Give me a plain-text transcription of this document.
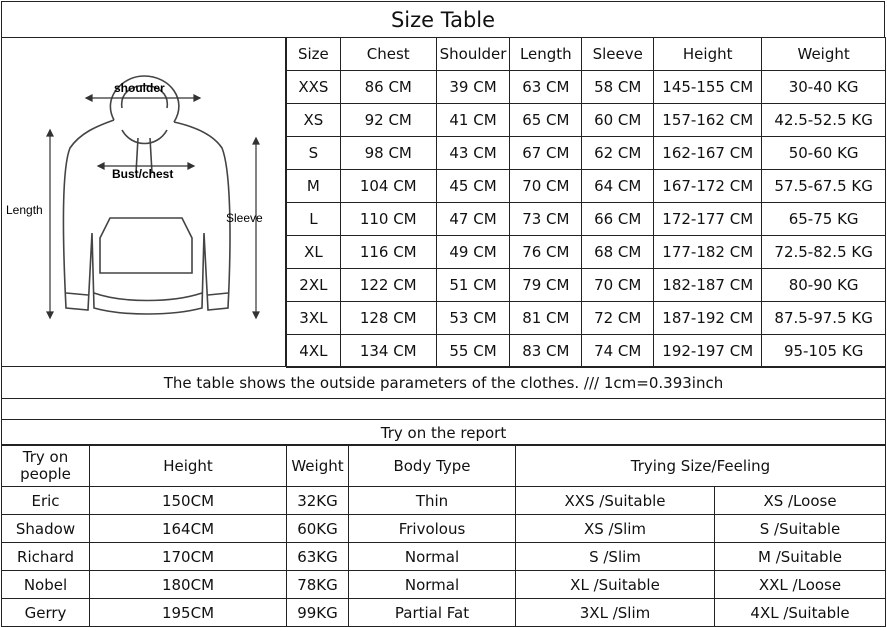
Size Table
shoulder
Bust/chest
Length
Sleeve
Size	Chest	Shoulder	Length	Sleeve	Height	Weight
XXS	86 CM	39 CM	63 CM	58 CM	145-155 CM	30-40 KG
XS	92 CM	41 CM	65 CM	60 CM	157-162 CM	42.5-52.5 KG
S	98 CM	43 CM	67 CM	62 CM	162-167 CM	50-60 KG
M	104 CM	45 CM	70 CM	64 CM	167-172 CM	57.5-67.5 KG
L	110 CM	47 CM	73 CM	66 CM	172-177 CM	65-75 KG
XL	116 CM	49 CM	76 CM	68 CM	177-182 CM	72.5-82.5 KG
2XL	122 CM	51 CM	79 CM	70 CM	182-187 CM	80-90 KG
3XL	128 CM	53 CM	81 CM	72 CM	187-192 CM	87.5-97.5 KG
4XL	134 CM	55 CM	83 CM	74 CM	192-197 CM	95-105 KG
The table shows the outside parameters of the clothes. /// 1cm=0.393inch
Try on the report
Try on people	Height	Weight	Body Type	Trying Size/Feeling	
Eric	150CM	32KG	Thin	XXS /Suitable	XS /Loose
Shadow	164CM	60KG	Frivolous	XS /Slim	S /Suitable
Richard	170CM	63KG	Normal	S /Slim	M /Suitable
Nobel	180CM	78KG	Normal	XL /Suitable	XXL /Loose
Gerry	195CM	99KG	Partial Fat	3XL /Slim	4XL /Suitable
